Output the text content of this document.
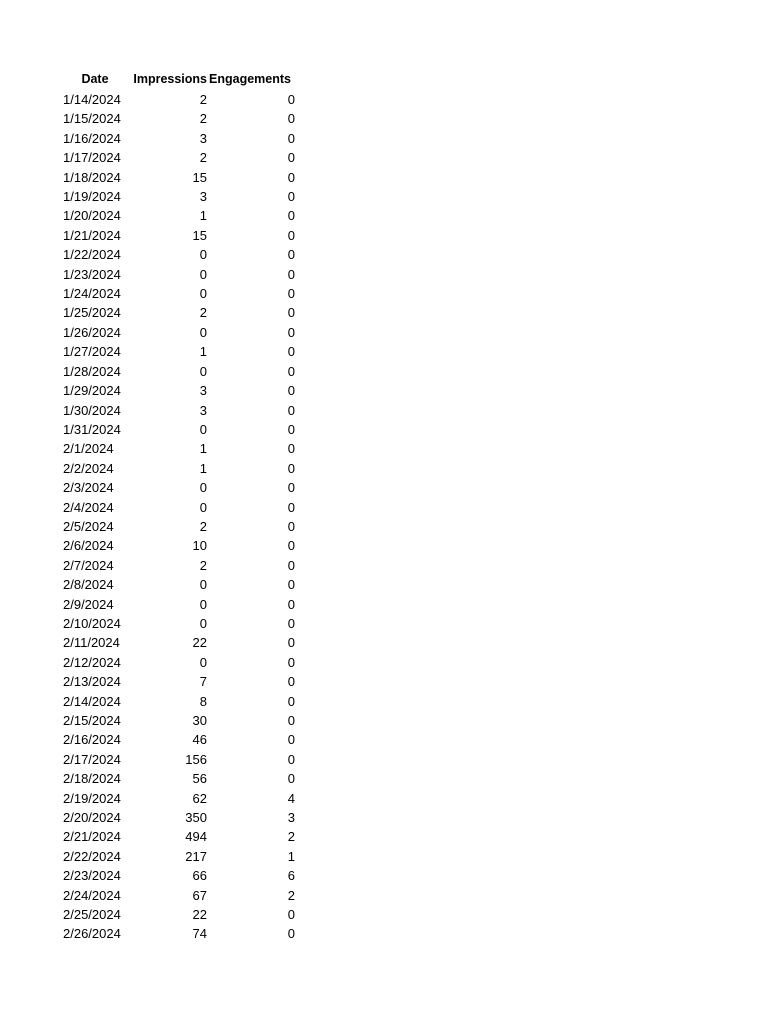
Date	Impressions	Engagements
1/14/2024	2	0
1/15/2024	2	0
1/16/2024	3	0
1/17/2024	2	0
1/18/2024	15	0
1/19/2024	3	0
1/20/2024	1	0
1/21/2024	15	0
1/22/2024	0	0
1/23/2024	0	0
1/24/2024	0	0
1/25/2024	2	0
1/26/2024	0	0
1/27/2024	1	0
1/28/2024	0	0
1/29/2024	3	0
1/30/2024	3	0
1/31/2024	0	0
2/1/2024	1	0
2/2/2024	1	0
2/3/2024	0	0
2/4/2024	0	0
2/5/2024	2	0
2/6/2024	10	0
2/7/2024	2	0
2/8/2024	0	0
2/9/2024	0	0
2/10/2024	0	0
2/11/2024	22	0
2/12/2024	0	0
2/13/2024	7	0
2/14/2024	8	0
2/15/2024	30	0
2/16/2024	46	0
2/17/2024	156	0
2/18/2024	56	0
2/19/2024	62	4
2/20/2024	350	3
2/21/2024	494	2
2/22/2024	217	1
2/23/2024	66	6
2/24/2024	67	2
2/25/2024	22	0
2/26/2024	74	0
